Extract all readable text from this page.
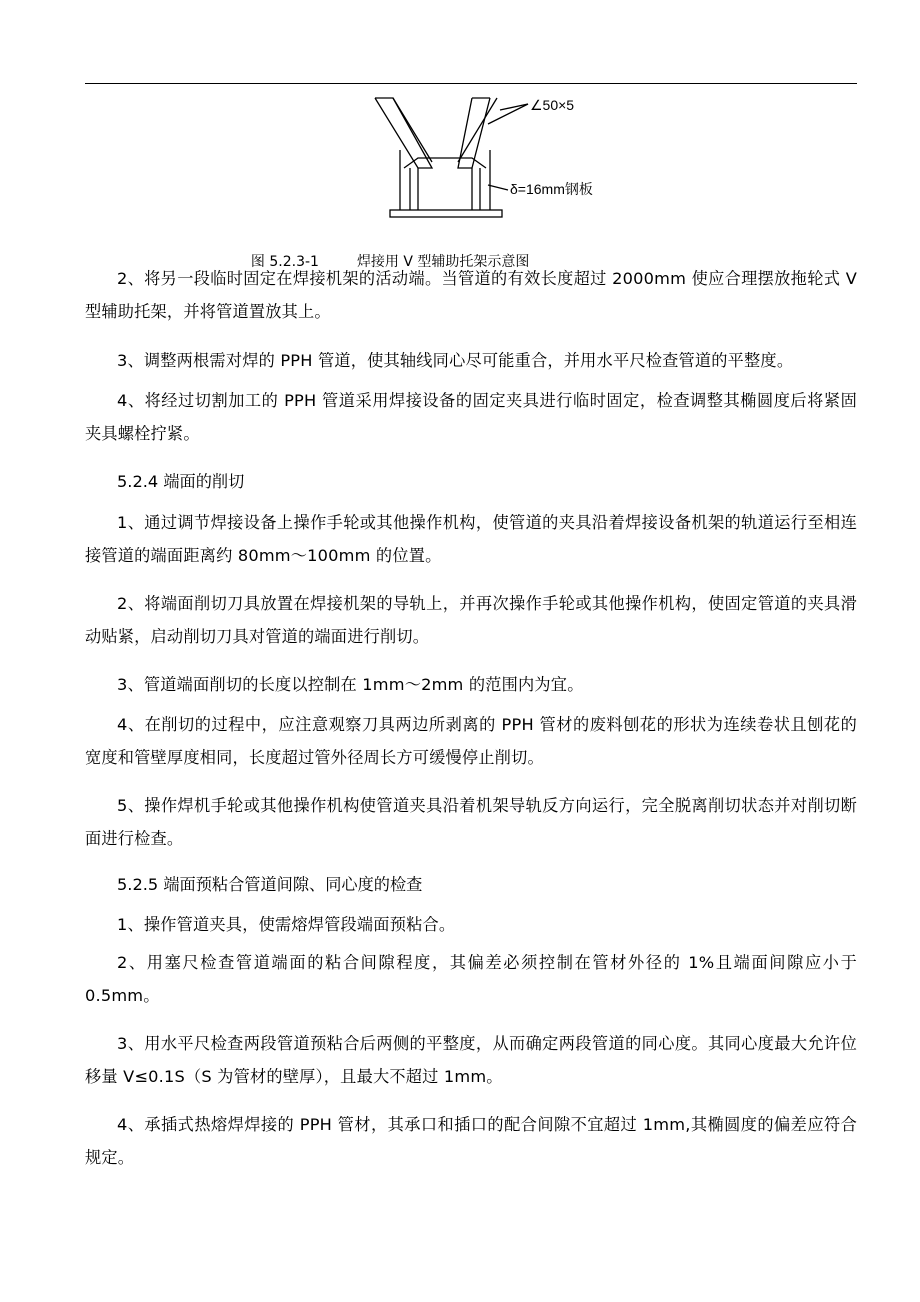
∠50×5
δ=16mm钢板

图 5.2.3-1	焊接用 V 型辅助托架示意图

2、将另一段临时固定在焊接机架的活动端。当管道的有效长度超过 2000mm 使应合理摆放拖轮式 V 型辅助托架，并将管道置放其上。

3、调整两根需对焊的 PPH 管道，使其轴线同心尽可能重合，并用水平尺检查管道的平整度。

4、将经过切割加工的 PPH 管道采用焊接设备的固定夹具进行临时固定，检查调整其椭圆度后将紧固夹具螺栓拧紧。

5.2.4 端面的削切

1、通过调节焊接设备上操作手轮或其他操作机构，使管道的夹具沿着焊接设备机架的轨道运行至相连接管道的端面距离约 80mm～100mm 的位置。

2、将端面削切刀具放置在焊接机架的导轨上，并再次操作手轮或其他操作机构，使固定管道的夹具滑动贴紧，启动削切刀具对管道的端面进行削切。

3、管道端面削切的长度以控制在 1mm～2mm 的范围内为宜。

4、在削切的过程中，应注意观察刀具两边所剥离的 PPH 管材的废料刨花的形状为连续卷状且刨花的宽度和管壁厚度相同，长度超过管外径周长方可缓慢停止削切。

5、操作焊机手轮或其他操作机构使管道夹具沿着机架导轨反方向运行，完全脱离削切状态并对削切断面进行检查。

5.2.5 端面预粘合管道间隙、同心度的检查

1、操作管道夹具，使需熔焊管段端面预粘合。

2、用塞尺检查管道端面的粘合间隙程度，其偏差必须控制在管材外径的 1%且端面间隙应小于 0.5mm。

3、用水平尺检查两段管道预粘合后两侧的平整度，从而确定两段管道的同心度。其同心度最大允许位移量 V≤0.1S（S 为管材的壁厚），且最大不超过 1mm。

4、承插式热熔焊焊接的 PPH 管材，其承口和插口的配合间隙不宜超过 1mm,其椭圆度的偏差应符合规定。
